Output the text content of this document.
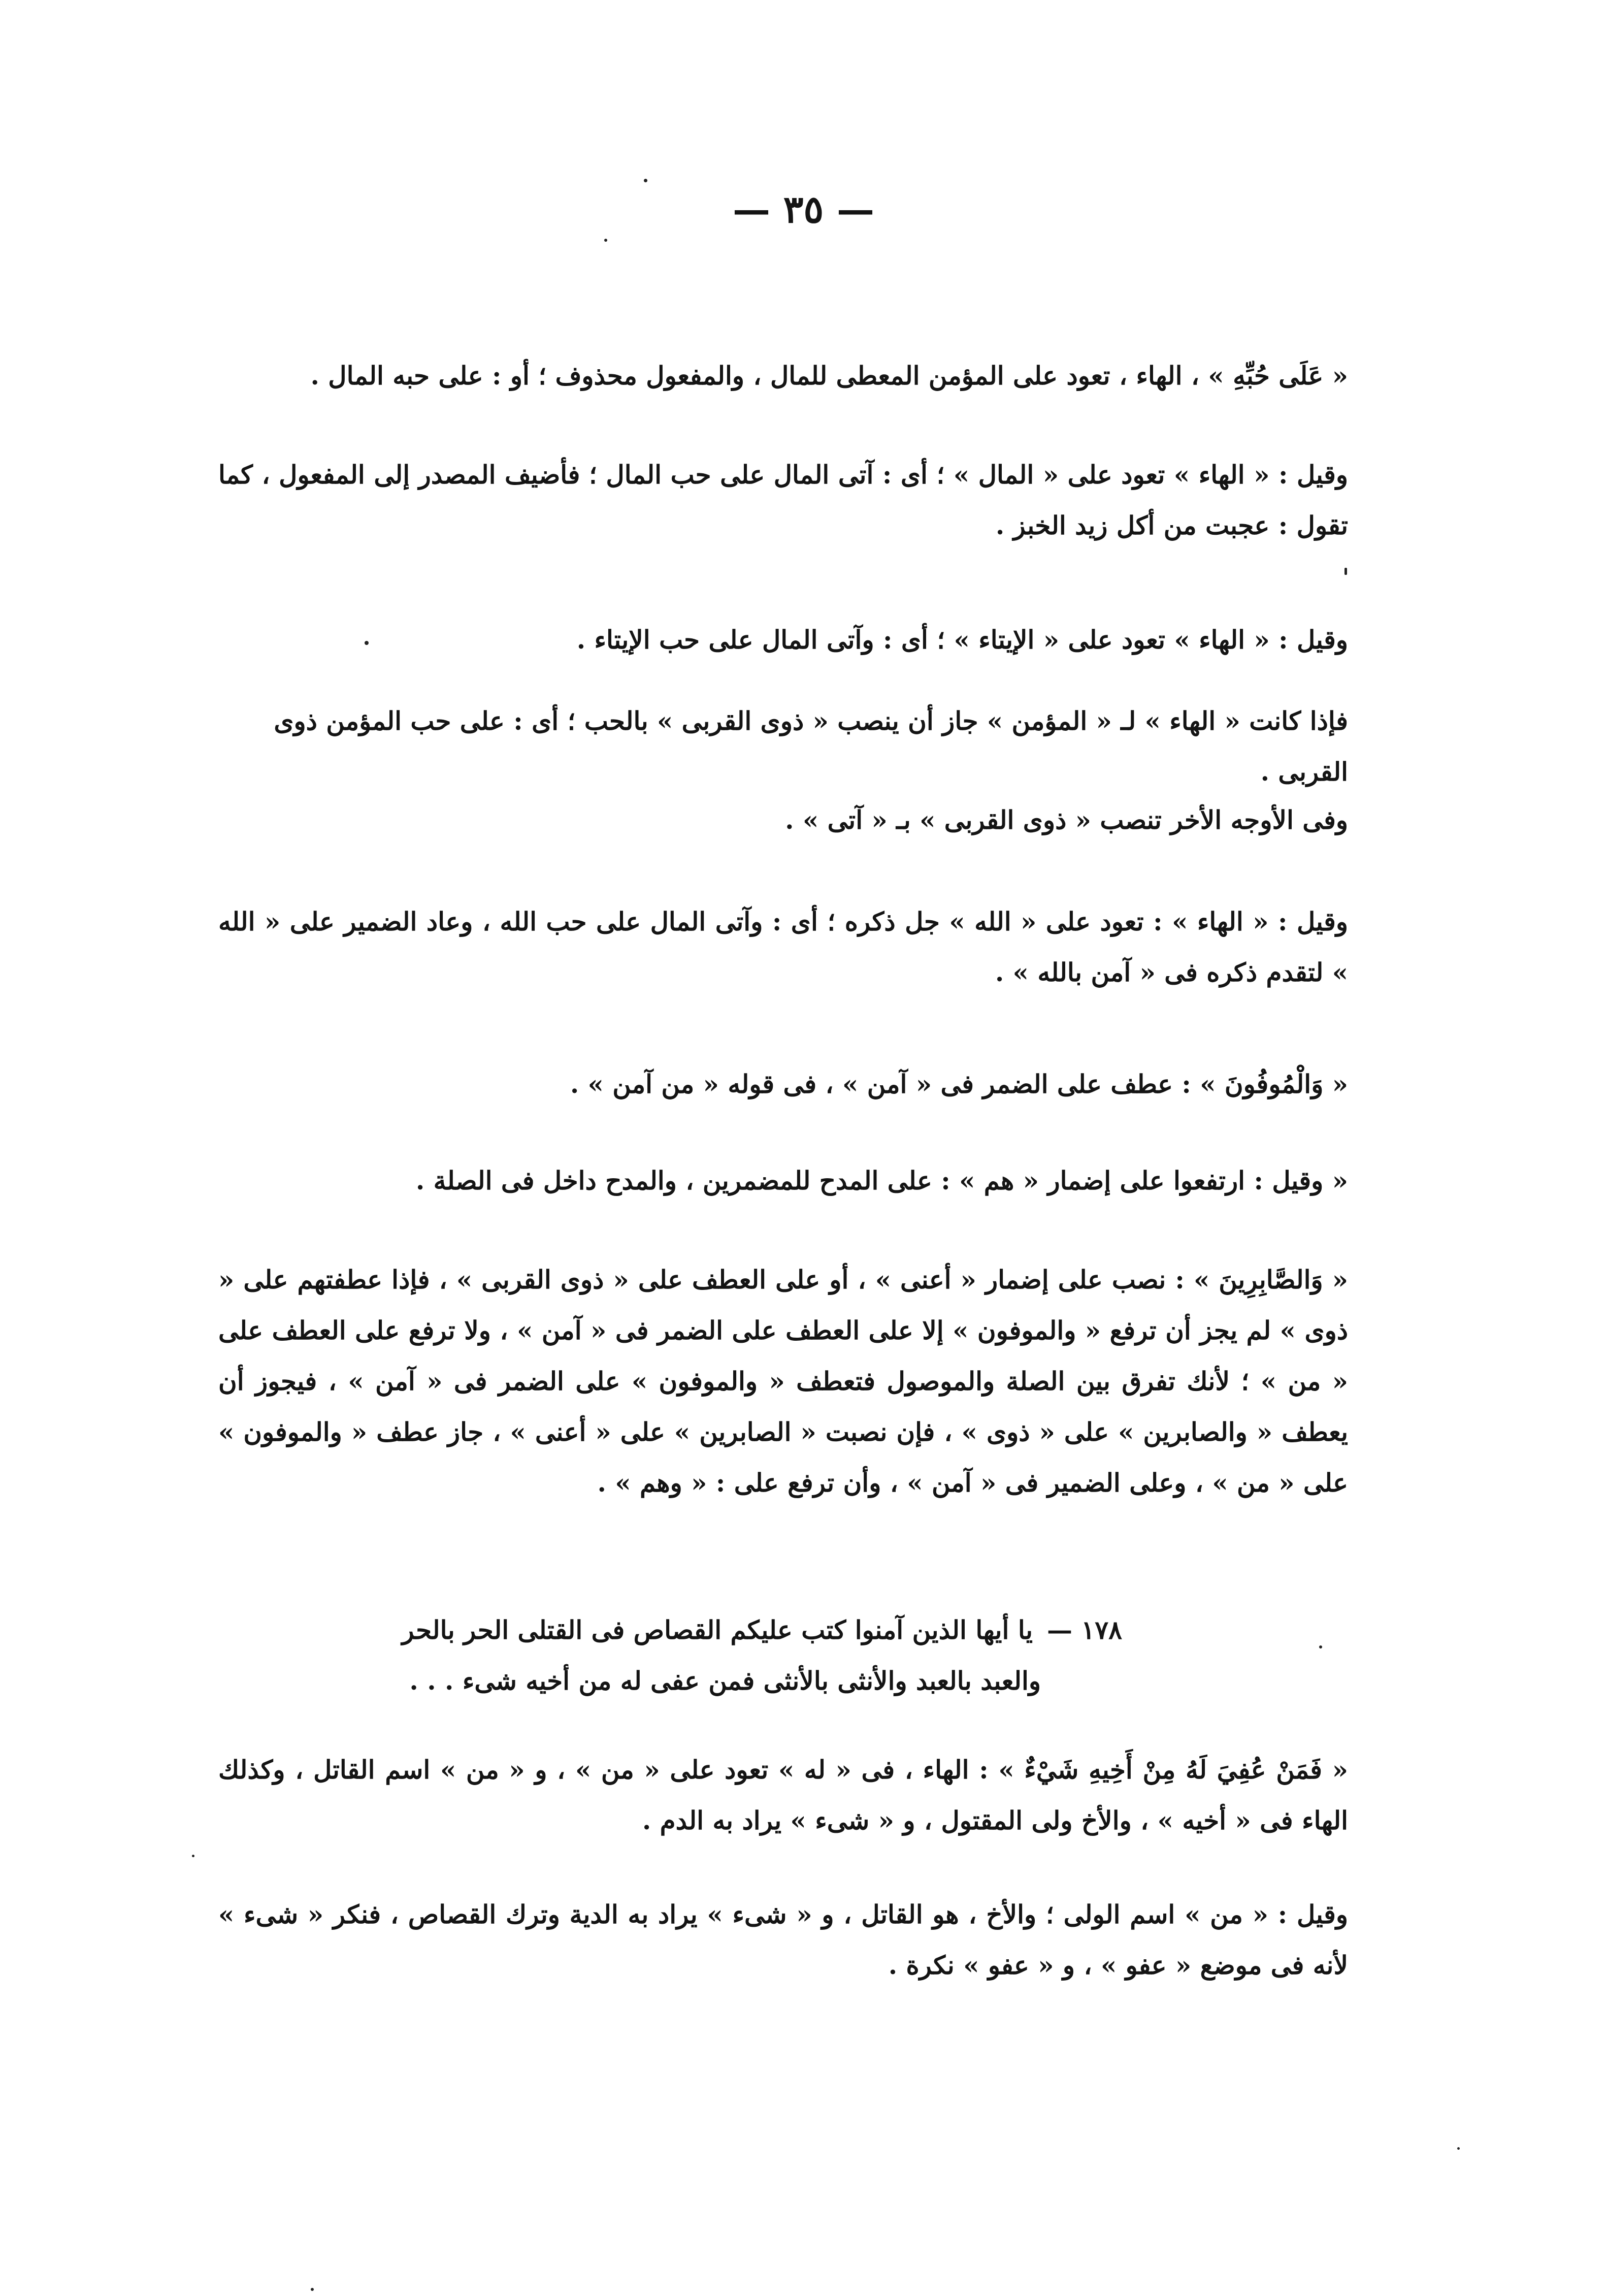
— ٣٥ —

« عَلَى حُبِّهِ » ، الهاء ، تعود على المؤمن المعطى للمال ، والمفعول محذوف ؛ أو : على حبه المال .

وقيل : « الهاء » تعود على « المال » ؛ أى : آتى المال على حب المال ؛ فأضيف المصدر إلى المفعول ، كما تقول : عجبت من أكل زيد الخبز .

وقيل : « الهاء » تعود على « الإيتاء » ؛ أى : وآتى المال على حب الإيتاء .

فإذا كانت « الهاء » لـ « المؤمن » جاز أن ينصب « ذوى القربى » بالحب ؛ أى : على حب المؤمن ذوى القربى .

وفى الأوجه الأخر تنصب « ذوى القربى » بـ « آتى » .

وقيل : « الهاء » : تعود على « الله » جل ذكره ؛ أى : وآتى المال على حب الله ، وعاد الضمير على « الله » لتقدم ذكره فى « آمن بالله » .

« وَالْمُوفُونَ » : عطف على الضمر فى « آمن » ، فى قوله « من آمن » .

« وقيل : ارتفعوا على إضمار « هم » : على المدح للمضمرين ، والمدح داخل فى الصلة .

« وَالصَّابِرِينَ » : نصب على إضمار « أعنى » ، أو على العطف على « ذوى القربى » ، فإذا عطفتهم على « ذوى » لم يجز أن ترفع « والموفون » إلا على العطف على الضمر فى « آمن » ، ولا ترفع على العطف على « من » ؛ لأنك تفرق بين الصلة والموصول فتعطف « والموفون » على الضمر فى « آمن » ، فيجوز أن يعطف « والصابرين » على « ذوى » ، فإن نصبت « الصابرين » على « أعنى » ، جاز عطف « والموفون » على « من » ، وعلى الضمير فى « آمن » ، وأن ترفع على : « وهم » .

١٧٨ —يا أيها الذين آمنوا كتب عليكم القصاص فى القتلى الحر بالحر
والعبد بالعبد والأنثى بالأنثى فمن عفى له من أخيه شىء . . .

« فَمَنْ عُفِيَ لَهُ مِنْ أَخِيهِ شَيْءٌ » : الهاء ، فى « له » تعود على « من » ، و « من » اسم القاتل ، وكذلك الهاء فى « أخيه » ، والأخ ولى المقتول ، و « شىء » يراد به الدم .

وقيل : « من » اسم الولى ؛ والأخ ، هو القاتل ، و « شىء » يراد به الدية وترك القصاص ، فنكر « شىء » لأنه فى موضع « عفو » ، و « عفو » نكرة .
